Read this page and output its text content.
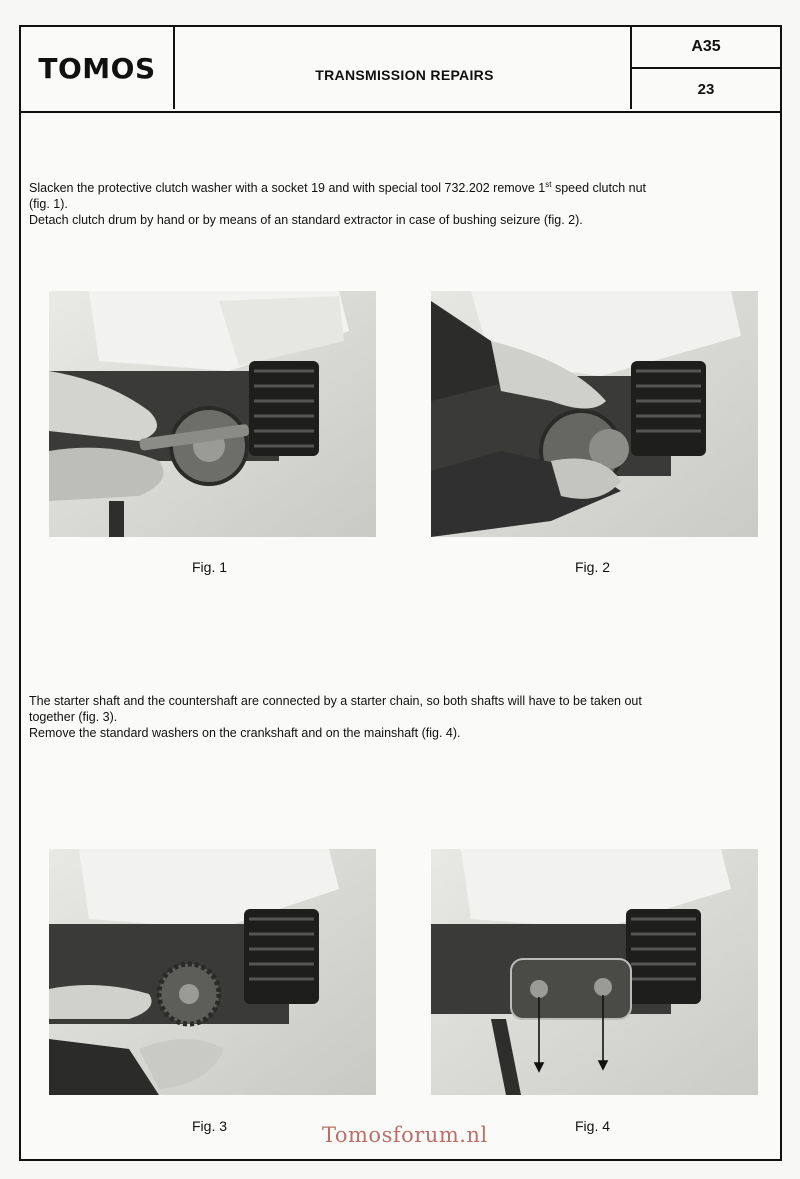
TOMOS	TRANSMISSION REPAIRS
A35
23

Slacken the protective clutch washer with a socket 19 and with special tool 732.202 remove 1st speed clutch nut

(fig. 1).

Detach clutch drum by hand or by means of an standard extractor in case of bushing seizure (fig. 2).

Fig. 1	Fig. 2

The starter shaft and the countershaft are connected by a starter chain, so both shafts will have to be taken out

together (fig. 3).

Remove the standard washers on the crankshaft and on the mainshaft (fig. 4).

Fig. 3	Fig. 4
Tomosforum.nl
